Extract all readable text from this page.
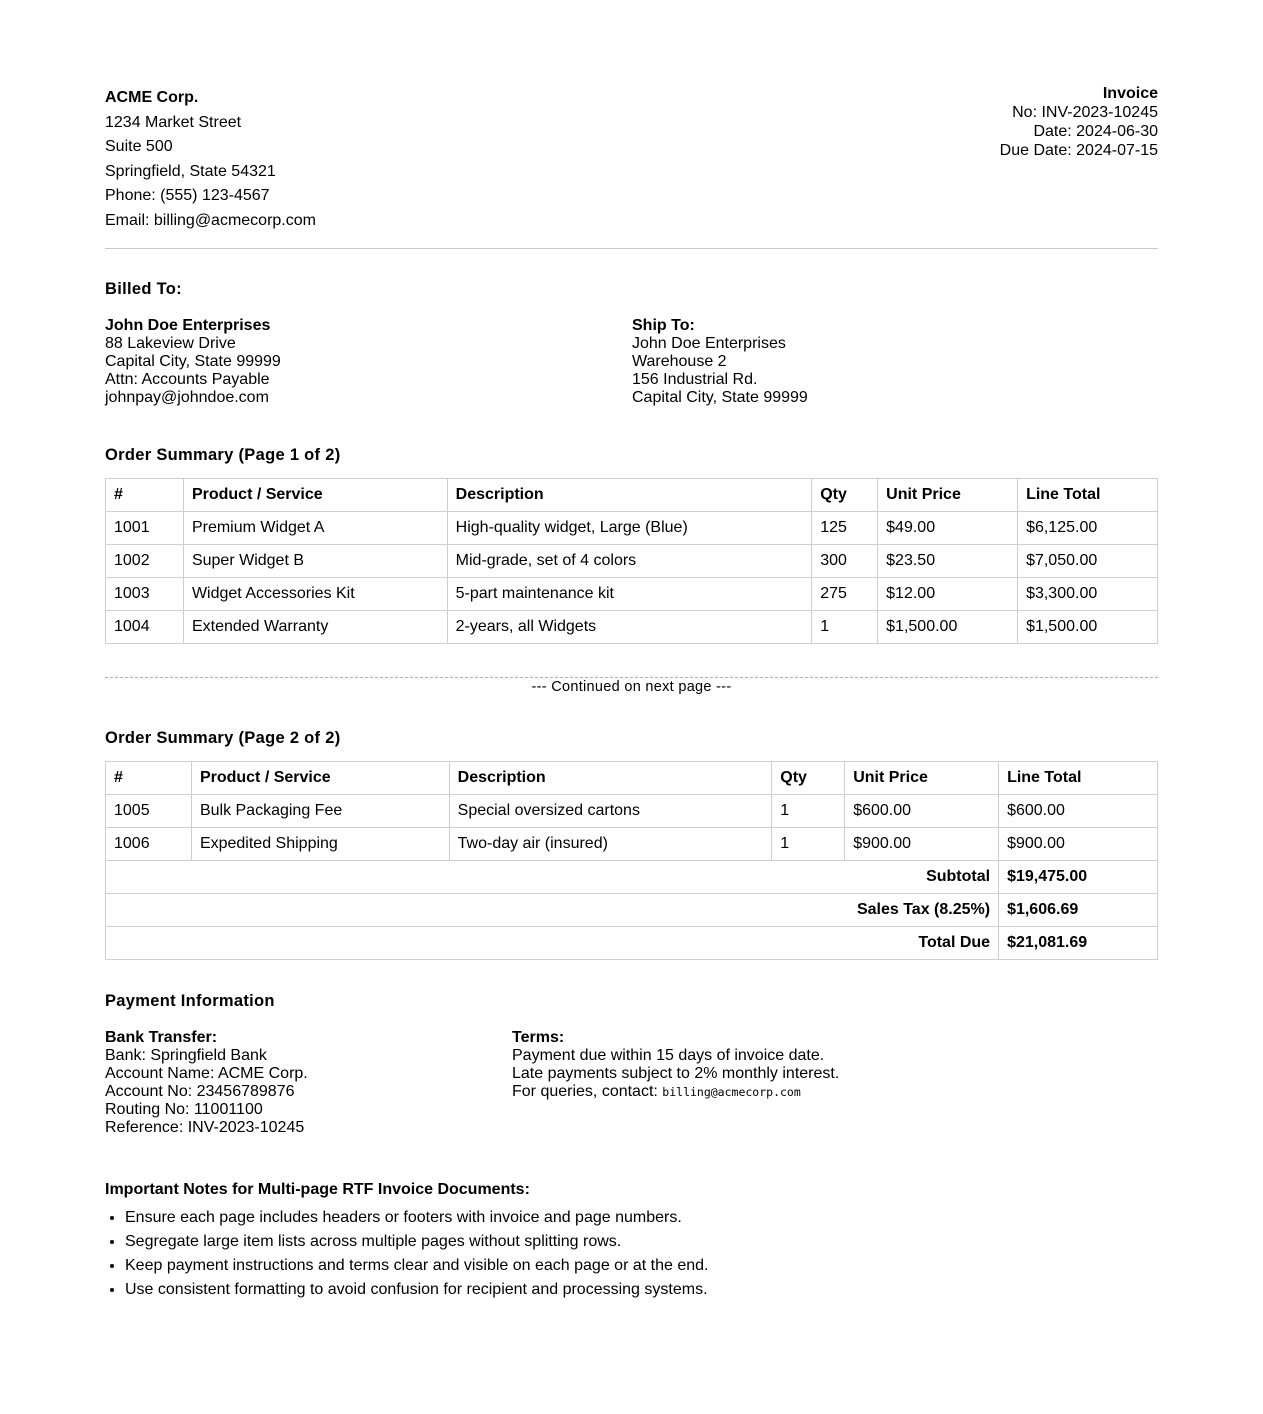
ACME Corp.
1234 Market Street
Suite 500
Springfield, State 54321
Phone: (555) 123-4567
Email: billing@acmecorp.com
Invoice
No: INV-2023-10245
Date: 2024-06-30
Due Date: 2024-07-15
Billed To:
John Doe Enterprises
88 Lakeview Drive
Capital City, State 99999
Attn: Accounts Payable
johnpay@johndoe.com
Ship To:
John Doe Enterprises
Warehouse 2
156 Industrial Rd.
Capital City, State 99999
Order Summary (Page 1 of 2)
#	Product / Service	Description	Qty	Unit Price	Line Total
1001	Premium Widget A	High-quality widget, Large (Blue)	125	$49.00	$6,125.00
1002	Super Widget B	Mid-grade, set of 4 colors	300	$23.50	$7,050.00
1003	Widget Accessories Kit	5-part maintenance kit	275	$12.00	$3,300.00
1004	Extended Warranty	2-years, all Widgets	1	$1,500.00	$1,500.00
--- Continued on next page ---
Order Summary (Page 2 of 2)
#	Product / Service	Description	Qty	Unit Price	Line Total
1005	Bulk Packaging Fee	Special oversized cartons	1	$600.00	$600.00
1006	Expedited Shipping	Two-day air (insured)	1	$900.00	$900.00
Subtotal					$19,475.00
Sales Tax (8.25%)					$1,606.69
Total Due					$21,081.69
Payment Information
Bank Transfer:
Bank: Springfield Bank
Account Name: ACME Corp.
Account No: 23456789876
Routing No: 11001100
Reference: INV-2023-10245
Terms:
Payment due within 15 days of invoice date.
Late payments subject to 2% monthly interest.
For queries, contact: billing@acmecorp.com
Important Notes for Multi-page RTF Invoice Documents:
• Ensure each page includes headers or footers with invoice and page numbers.
• Segregate large item lists across multiple pages without splitting rows.
• Keep payment instructions and terms clear and visible on each page or at the end.
• Use consistent formatting to avoid confusion for recipient and processing systems.
